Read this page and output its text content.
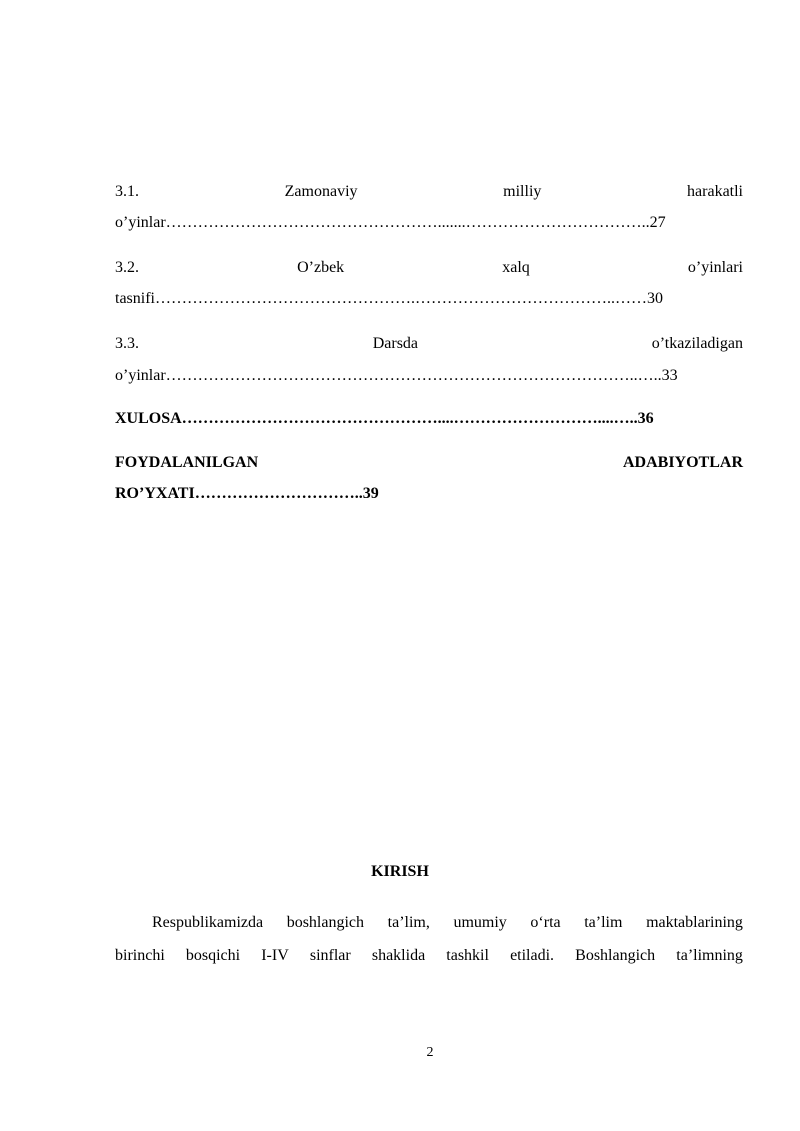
3.1.	Zamonaviy	milliy	harakatli
o’yinlar…………………………………………….......……………………………..27
3.2.	O’zbek	xalq	o’yinlari
tasnifi………………………………………….………………………………..……30
3.3.	Darsda	o’tkaziladigan
o’yinlar……………………………………………………………………………..…..33
XULOSA…………………………………………....………………………....…..36
FOYDALANILGAN	ADABIYOTLAR
RO’YXATI…………………………..39
KIRISH
Respublikamizda boshlangich ta’lim, umumiy o‘rta ta’lim maktablarining
birinchi bosqichi I-IV sinflar shaklida tashkil etiladi. Boshlangich ta’limning
2
